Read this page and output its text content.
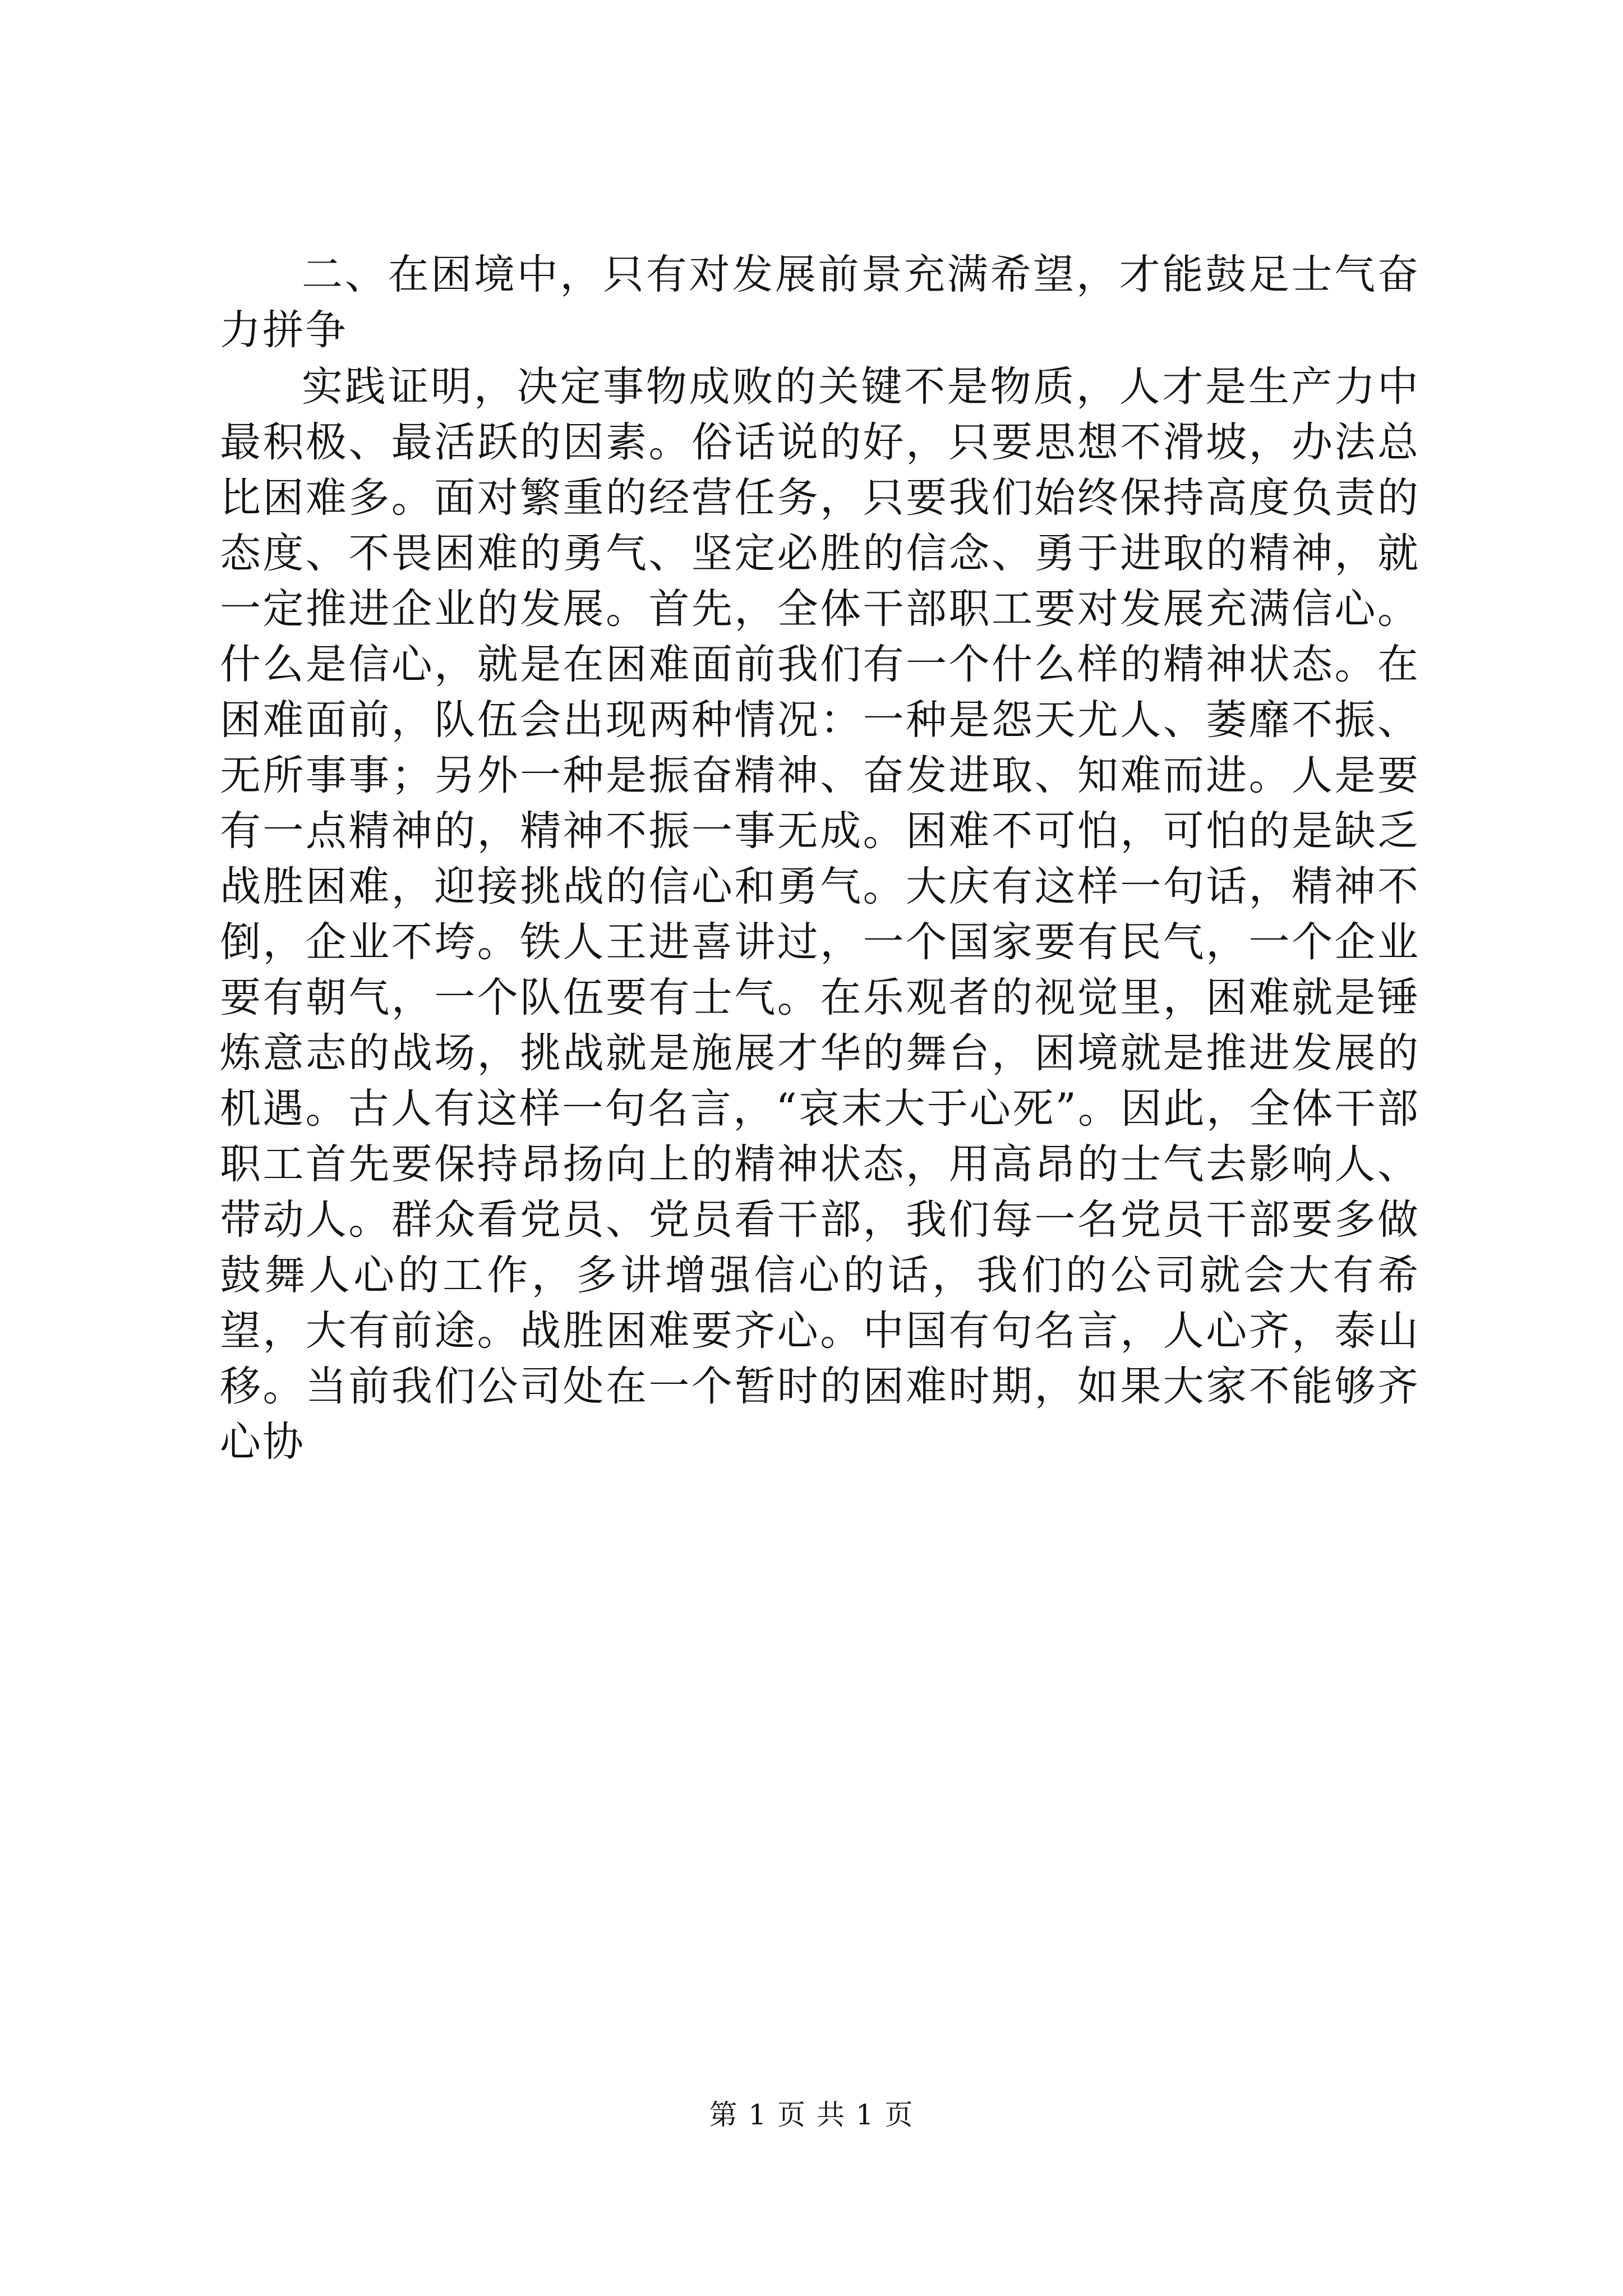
二、在困境中，只有对发展前景充满希望，才能鼓足士气奋力拼争

实践证明，决定事物成败的关键不是物质，人才是生产力中最积极、最活跃的因素。俗话说的好，只要思想不滑坡，办法总比困难多。面对繁重的经营任务，只要我们始终保持高度负责的态度、不畏困难的勇气、坚定必胜的信念、勇于进取的精神，就一定推进企业的发展。首先，全体干部职工要对发展充满信心。什么是信心，就是在困难面前我们有一个什么样的精神状态。在困难面前，队伍会出现两种情况：一种是怨天尤人、萎靡不振、无所事事；另外一种是振奋精神、奋发进取、知难而进。人是要有一点精神的，精神不振一事无成。困难不可怕，可怕的是缺乏战胜困难，迎接挑战的信心和勇气。大庆有这样一句话，精神不倒，企业不垮。铁人王进喜讲过，一个国家要有民气，一个企业要有朝气，一个队伍要有士气。在乐观者的视觉里，困难就是锤炼意志的战场，挑战就是施展才华的舞台，困境就是推进发展的机遇。古人有这样一句名言，“哀末大于心死”。因此，全体干部职工首先要保持昂扬向上的精神状态，用高昂的士气去影响人、带动人。群众看党员、党员看干部，我们每一名党员干部要多做鼓舞人心的工作，多讲增强信心的话，我们的公司就会大有希望，大有前途。战胜困难要齐心。中国有句名言，人心齐，泰山移。当前我们公司处在一个暂时的困难时期，如果大家不能够齐心协

第 1 页 共 1 页
